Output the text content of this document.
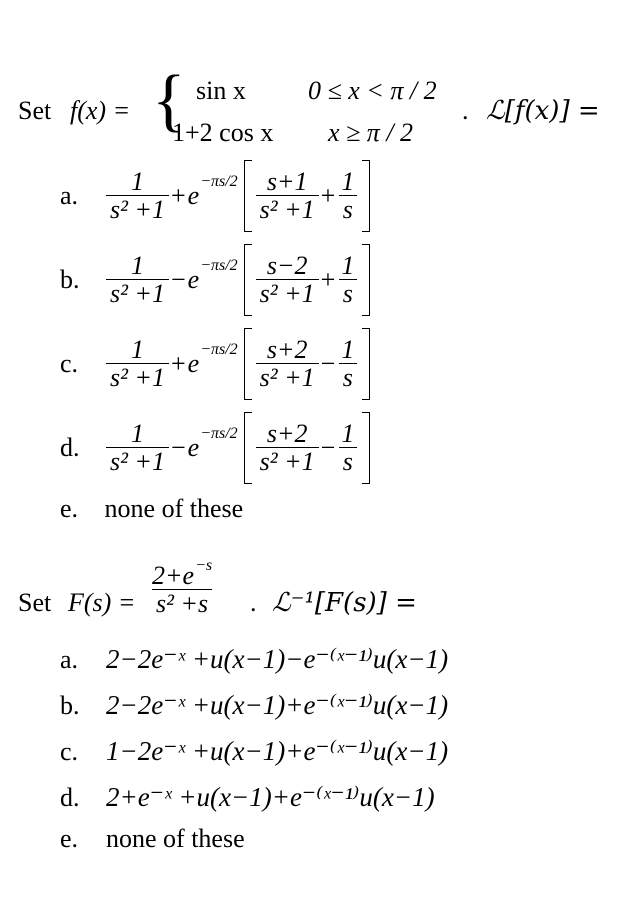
Set f(x) = { sin x 0 ≤ x < π / 2
1+2 cos x x ≥ π / 2
. ℒ[f(x)] =
a.	$\frac{1}{\text{s² +1}} + e -\pi s/2 \frac{s+1}{\text{s² +1}} + \frac{1}{s}$
b.	$\frac{1}{\text{s² +1}} - e -\pi s/2 \frac{s-2}{\text{s² +1}} + \frac{1}{s}$
c.	$\frac{1}{\text{s² +1}} + e -\pi s/2 \frac{s+2}{\text{s² +1}} - \frac{1}{s}$
d.	$\frac{1}{\text{s² +1}} - e -\pi s/2 \frac{s+2}{\text{s² +1}} - \frac{1}{s}$
e. none of these
Set $F(s) = \frac{2+e^{-s}}{\text{s² +s}}$ . ℒ⁻¹[F(s)] =
a.	2−2e⁻ˣ +u(x−1)−e⁻⁽ˣ⁻¹⁾u(x−1)
b. 2−2e⁻ˣ +u(x−1)+e⁻⁽ˣ⁻¹⁾u(x−1)
c.	1−2e⁻ˣ +u(x−1)+e⁻⁽ˣ⁻¹⁾u(x−1)
d. 2+e⁻ˣ +u(x−1)+e⁻⁽ˣ⁻¹⁾u(x−1)
e.	none of these
